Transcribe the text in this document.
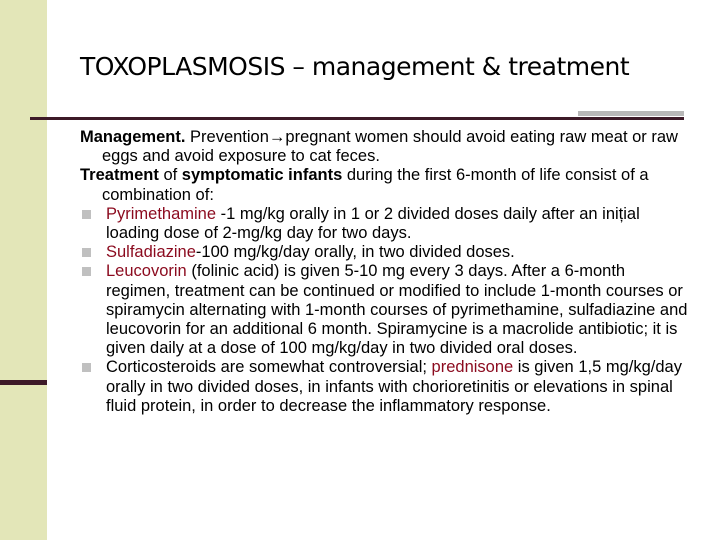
TOXOPLASMOSIS – management & treatment

Management. Prevention→pregnant women should avoid eating raw meat or raw eggs and avoid exposure to cat feces.

Treatment of symptomatic infants during the first 6-month of life consist of a combination of:

Pyrimethamine -1 mg/kg orally in 1 or 2 divided doses daily after an inițial loading dose of 2-mg/kg day for two days.
Sulfadiazine-100 mg/kg/day orally, in two divided doses.
Leucovorin (folinic acid) is given 5-10 mg every 3 days. After a 6-month regimen, treatment can be continued or modified to include 1-month courses or spiramycin alternating with 1-month courses of pyrimethamine, sulfadiazine and leucovorin for an additional 6 month. Spiramycine is a macrolide antibiotic; it is given daily at a dose of 100 mg/kg/day in two divided oral doses.
Corticosteroids are somewhat controversial; prednisone is given 1,5 mg/kg/day orally in two divided doses, in infants with chorioretinitis or elevations in spinal fluid protein, in order to decrease the inflammatory response.
